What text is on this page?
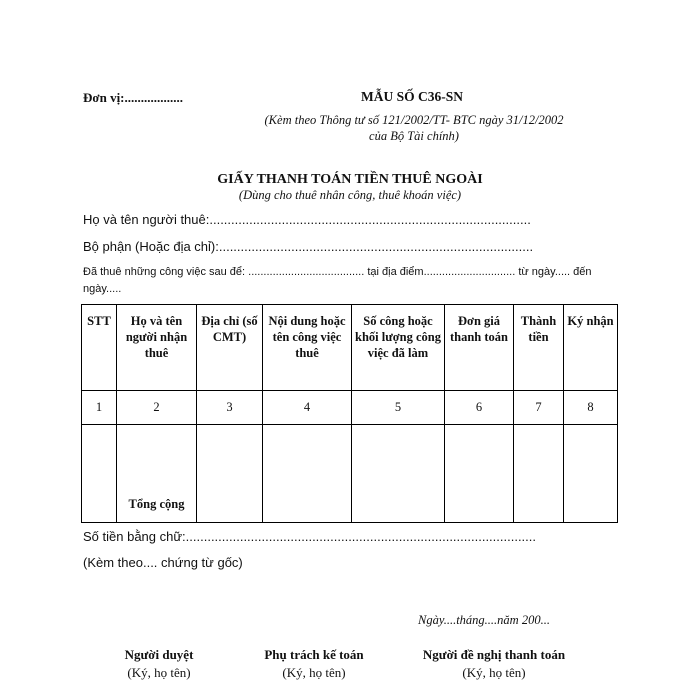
Đơn vị:..................	MẪU SỐ C36-SN
(Kèm theo Thông tư số 121/2002/TT- BTC ngày 31/12/2002
của Bộ Tài chính)
GIẤY THANH TOÁN TIỀN THUÊ NGOÀI
(Dùng cho thuê nhân công, thuê khoán việc)
Họ và tên người thuê:.........................................................................................
Bộ phận (Hoặc địa chỉ):.......................................................................................
Đã thuê những công việc sau để: ...................................... tại địa điểm.............................. từ ngày..... đến ngày.....
STT	Họ và tên người nhận thuê	Địa chỉ (số CMT)	Nội dung hoặc tên công việc thuê	Số công hoặc khối lượng công việc đã làm	Đơn giá thanh toán	Thành tiền	Ký nhận
1	2	3	4	5	6	7	8
	Tổng cộng						
Số tiền bằng chữ:.................................................................................................
(Kèm theo.... chứng từ gốc)
Ngày....tháng....năm 200...
Người duyệt
(Ký, họ tên)
Phụ trách kế toán
(Ký, họ tên)
Người đề nghị thanh toán
(Ký, họ tên)
